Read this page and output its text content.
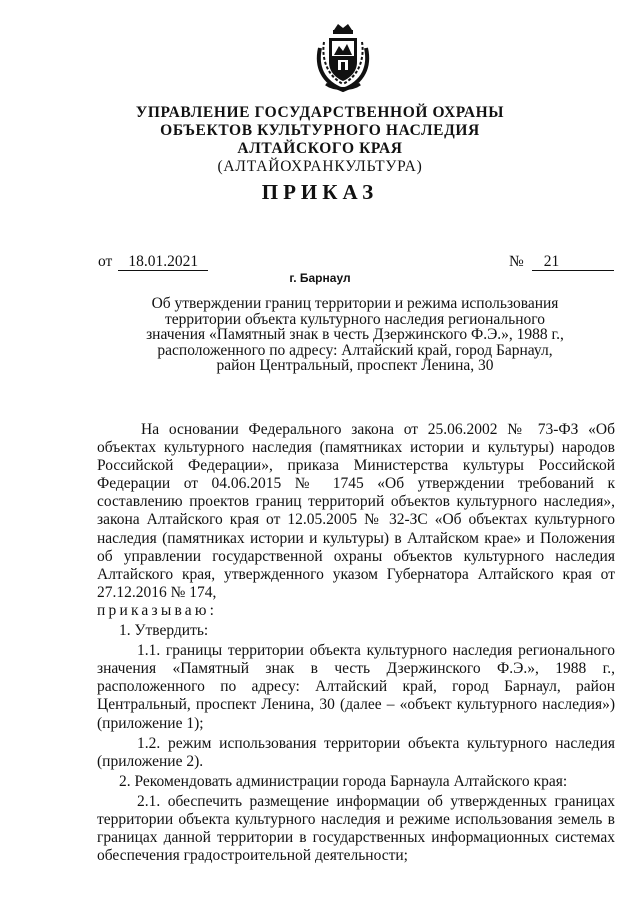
УПРАВЛЕНИЕ ГОСУДАРСТВЕННОЙ ОХРАНЫ
ОБЪЕКТОВ КУЛЬТУРНОГО НАСЛЕДИЯ
АЛТАЙСКОГО КРАЯ
(АЛТАЙОХРАНКУЛЬТУРА)
ПРИКАЗ
от 18.01.2021	№ 21
г. Барнаул
Об утверждении границ территории и режима использования
территории объекта культурного наследия регионального
значения «Памятный знак в честь Дзержинского Ф.Э.», 1988 г.,
расположенного по адресу: Алтайский край, город Барнаул,
район Центральный, проспект Ленина, 30

На основании Федерального закона от 25.06.2002 № 73-ФЗ «Об объектах культурного наследия (памятниках истории и культуры) народов Российской Федерации», приказа Министерства культуры Российской Федерации от 04.06.2015 № 1745 «Об утверждении требований к составлению проектов границ территорий объектов культурного наследия», закона Алтайского края от 12.05.2005 № 32-ЗС «Об объектах культурного наследия (памятниках истории и культуры) в Алтайском крае» и Положения об управлении государственной охраны объектов культурного наследия Алтайского края, утвержденного указом Губернатора Алтайского края от 27.12.2016 № 174,

приказываю:

1. Утвердить:

1.1. границы территории объекта культурного наследия регионального значения «Памятный знак в честь Дзержинского Ф.Э.», 1988 г., расположенного по адресу: Алтайский край, город Барнаул, район Центральный, проспект Ленина, 30 (далее – «объект культурного наследия») (приложение 1);

1.2. режим использования территории объекта культурного наследия (приложение 2).

2. Рекомендовать администрации города Барнаула Алтайского края:

2.1. обеспечить размещение информации об утвержденных границах территории объекта культурного наследия и режиме использования земель в границах данной территории в государственных информационных системах обеспечения градостроительной деятельности;
